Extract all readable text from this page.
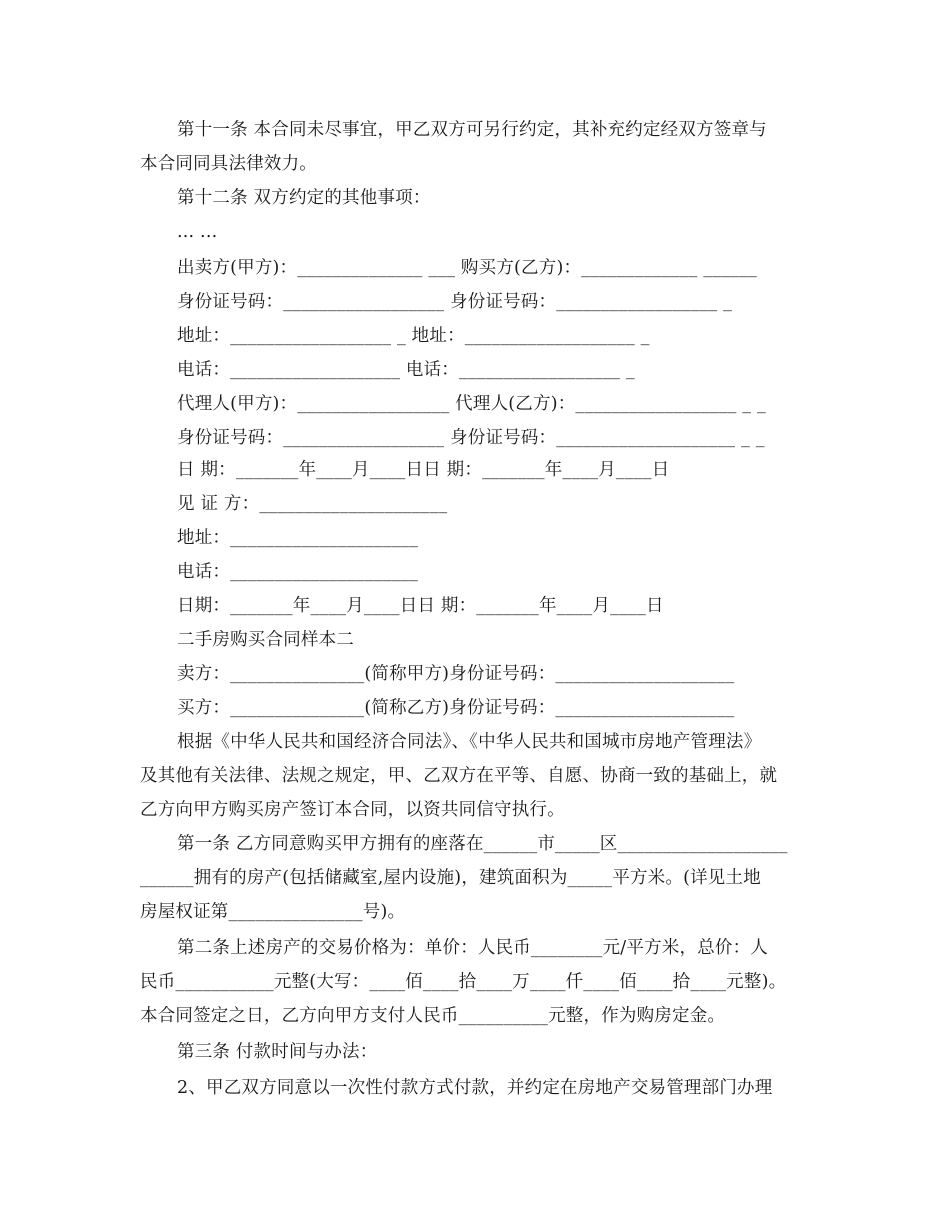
第十一条 本合同未尽事宜，甲乙双方可另行约定，其补充约定经双方签章与
本合同同具法律效力。
第十二条 双方约定的其他事项：
... ...
出卖方(甲方)：______________ ___ 购买方(乙方)：_____________ ______
身份证号码：__________________ 身份证号码：__________________ _
地址：__________________ _ 地址：___________________ _
电话：___________________ 电话：__________________ _
代理人(甲方)：_________________ 代理人(乙方)：__________________ _ _
身份证号码：__________________ 身份证号码：____________________ _ _
日 期：_______年____月____日日 期：_______年____月____日
见 证 方：_____________________
地址：_____________________
电话：_____________________
日期：_______年____月____日日 期：_______年____月____日
二手房购买合同样本二
卖方：_______________(简称甲方)身份证号码：____________________
买方：_______________(简称乙方)身份证号码：____________________
根据《中华人民共和国经济合同法》、《中华人民共和国城市房地产管理法》
及其他有关法律、法规之规定，甲、乙双方在平等、自愿、协商一致的基础上，就
乙方向甲方购买房产签订本合同，以资共同信守执行。
第一条 乙方同意购买甲方拥有的座落在______市_____区___________________
______拥有的房产(包括储藏室,屋内设施)，建筑面积为_____平方米。(详见土地
房屋权证第_______________号)。
第二条上述房产的交易价格为：单价：人民币________元/平方米，总价：人
民币___________元整(大写：____佰____拾____万____仟____佰____拾____元整)。
本合同签定之日，乙方向甲方支付人民币__________元整，作为购房定金。
第三条 付款时间与办法：
2、甲乙双方同意以一次性付款方式付款，并约定在房地产交易管理部门办理
